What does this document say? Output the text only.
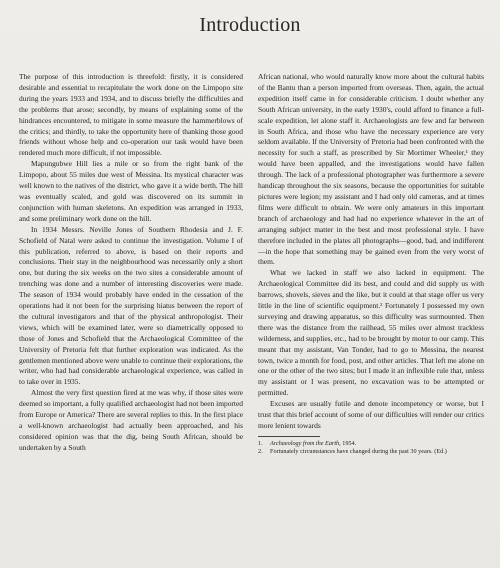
Introduction

The purpose of this introduction is threefold: firstly, it is considered desirable and essential to recapitulate the work done on the Limpopo site during the years 1933 and 1934, and to discuss briefly the difficulties and the problems that arose; secondly, by means of explaining some of the hindrances encountered, to mitigate in some measure the hammerblows of the critics; and thirdly, to take the opportunity here of thanking those good friends without whose help and co-operation our task would have been rendered much more difficult, if not impossible.

Mapungubwe Hill lies a mile or so from the right bank of the Limpopo, about 55 miles due west of Messina. Its mystical character was well known to the natives of the district, who gave it a wide berth. The hill was eventually scaled, and gold was discovered on its summit in conjunction with human skeletons. An expedition was arranged in 1933, and some preliminary work done on the hill.

In 1934 Messrs. Neville Jones of Southern Rhodesia and J. F. Schofield of Natal were asked to continue the investigation. Volume I of this publication, referred to above, is based on their reports and conclusions. Their stay in the neighbourhood was necessarily only a short one, but during the six weeks on the two sites a considerable amount of trenching was done and a number of interesting discoveries were made. The season of 1934 would probably have ended in the cessation of the operations had it not been for the surprising hiatus between the report of the cultural investigators and that of the physical anthropologist. Their views, which will be examined later, were so diametrically opposed to those of Jones and Schofield that the Archaeological Committee of the University of Pretoria felt that further exploration was indicated. As the gentlemen mentioned above were unable to continue their explorations, the writer, who had had considerable archaeological experience, was called in to take over in 1935.

Almost the very first question fired at me was why, if those sites were deemed so important, a fully qualified archaeologist had not been imported from Europe or America? There are several replies to this. In the first place a well-known archaeologist had actually been approached, and his considered opinion was that the dig, being South African, should be undertaken by a South

African national, who would naturally know more about the cultural habits of the Bantu than a person imported from overseas. Then, again, the actual expedition itself came in for considerable criticism. I doubt whether any South African university, in the early 1930's, could afford to finance a full-scale expedition, let alone staff it. Archaeologists are few and far between in South Africa, and those who have the necessary experience are very seldom available. If the University of Pretoria had been confronted with the necessity for such a staff, as prescribed by Sir Mortimer Wheeler,¹ they would have been appalled, and the investigations would have fallen through. The lack of a professional photographer was furthermore a severe handicap throughout the six seasons, because the opportunities for suitable pictures were legion; my assistant and I had only old cameras, and at times films were difficult to obtain. We were only amateurs in this important branch of archaeology and had had no experience whatever in the art of arranging subject matter in the best and most professional style. I have therefore included in the plates all photographs—good, bad, and indifferent—in the hope that something may be gained even from the very worst of them.

What we lacked in staff we also lacked in equipment. The Archaeological Committee did its best, and could and did supply us with barrows, shovels, sieves and the like, but it could at that stage offer us very little in the line of scientific equipment.² Fortunately I possessed my own surveying and drawing apparatus, so this difficulty was surmounted. Then there was the distance from the railhead, 55 miles over almost trackless wilderness, and supplies, etc., had to be brought by motor to our camp. This meant that my assistant, Van Tonder, had to go to Messina, the nearest town, twice a month for food, post, and other articles. That left me alone on one or the other of the two sites; but I made it an inflexible rule that, unless my assistant or I was present, no excavation was to be attempted or permitted.

Excuses are usually futile and denote incompetency or worse, but I trust that this brief account of some of our difficulties will render our critics more lenient towards

1.	Archaeology from the Earth, 1954.
2.	Fortunately circumstances have changed during the past 30 years. (Ed.)
